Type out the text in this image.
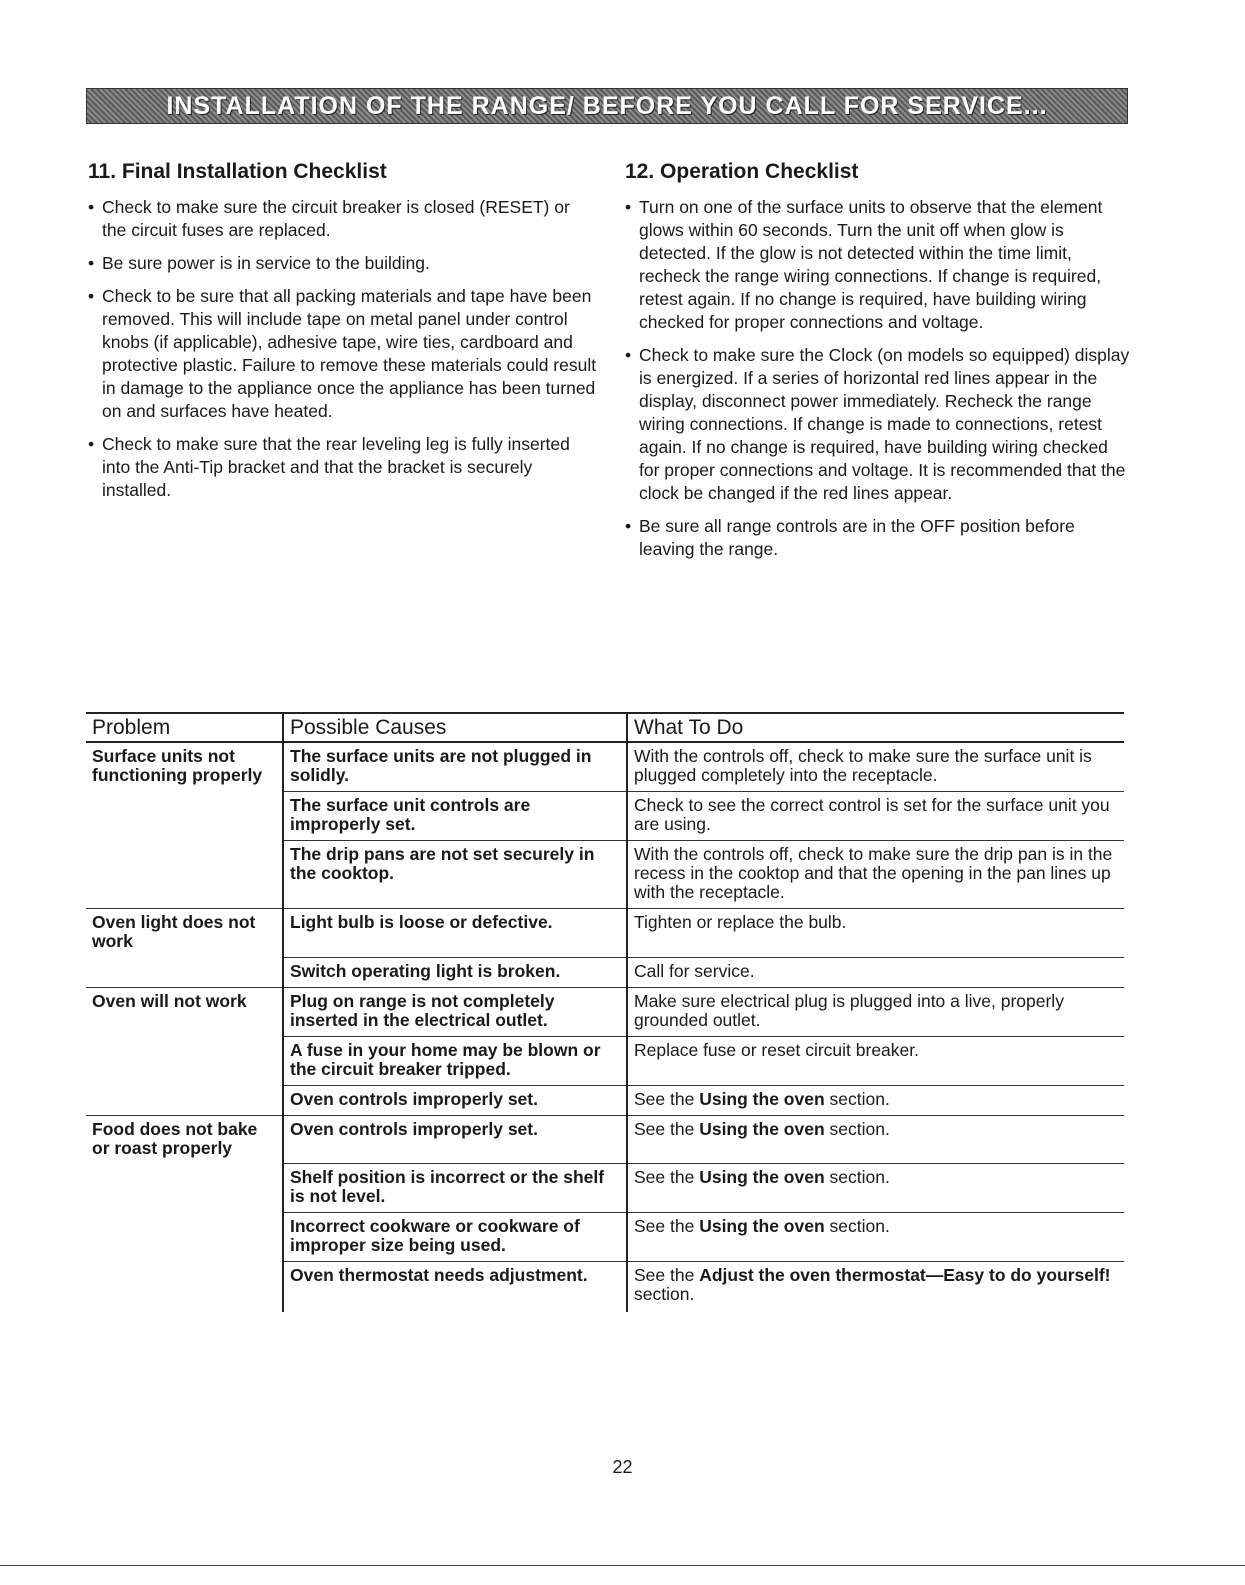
INSTALLATION OF THE RANGE/ BEFORE YOU CALL FOR SERVICE...
11. Final Installation Checklist
• Check to make sure the circuit breaker is closed (RESET) or the circuit fuses are replaced.
• Be sure power is in service to the building.
• Check to be sure that all packing materials and tape have been removed. This will include tape on metal panel under control knobs (if applicable), adhesive tape, wire ties, cardboard and protective plastic. Failure to remove these materials could result in damage to the appliance once the appliance has been turned on and surfaces have heated.
• Check to make sure that the rear leveling leg is fully inserted into the Anti-Tip bracket and that the bracket is securely installed.
12. Operation Checklist
• Turn on one of the surface units to observe that the element glows within 60 seconds. Turn the unit off when glow is detected. If the glow is not detected within the time limit, recheck the range wiring connections. If change is required, retest again. If no change is required, have building wiring checked for proper connections and voltage.
• Check to make sure the Clock (on models so equipped) display is energized. If a series of horizontal red lines appear in the display, disconnect power immediately. Recheck the range wiring connections. If change is made to connections, retest again. If no change is required, have building wiring checked for proper connections and voltage. It is recommended that the clock be changed if the red lines appear.
• Be sure all range controls are in the OFF position before leaving the range.
Problem	Possible Causes	What To Do
Surface units not functioning properly	The surface units are not plugged in solidly.	With the controls off, check to make sure the surface unit is plugged completely into the receptacle.
	The surface unit controls are improperly set.	Check to see the correct control is set for the surface unit you are using.
	The drip pans are not set securely in the cooktop.	With the controls off, check to make sure the drip pan is in the recess in the cooktop and that the opening in the pan lines up with the receptacle.
Oven light does not work	Light bulb is loose or defective.	Tighten or replace the bulb.
	Switch operating light is broken.	Call for service.
Oven will not work	Plug on range is not completely inserted in the electrical outlet.	Make sure electrical plug is plugged into a live, properly grounded outlet.
	A fuse in your home may be blown or the circuit breaker tripped.	Replace fuse or reset circuit breaker.
	Oven controls improperly set.	See the Using the oven section.
Food does not bake or roast properly	Oven controls improperly set.	See the Using the oven section.
	Shelf position is incorrect or the shelf is not level.	See the Using the oven section.
	Incorrect cookware or cookware of improper size being used.	See the Using the oven section.
	Oven thermostat needs adjustment.	See the Adjust the oven thermostat—Easy to do yourself! section.
22
